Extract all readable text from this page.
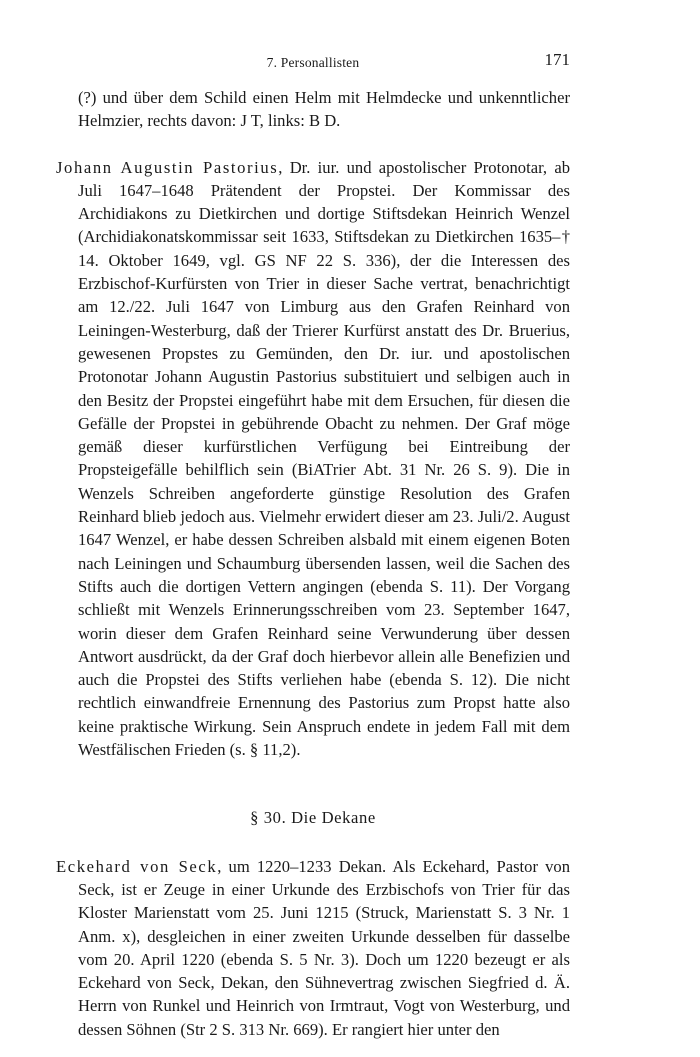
7. Personallisten	171

(?) und über dem Schild einen Helm mit Helmdecke und unkenntlicher Helmzier, rechts davon: J T, links: B D.

Johann Augustin Pastorius, Dr. iur. und apostolischer Protonotar, ab Juli 1647–1648 Prätendent der Propstei. Der Kommissar des Archidiakons zu Dietkirchen und dortige Stiftsdekan Heinrich Wenzel (Archidiakonatskommissar seit 1633, Stiftsdekan zu Dietkirchen 1635–† 14. Oktober 1649, vgl. GS NF 22 S. 336), der die Interessen des Erzbischof-Kurfürsten von Trier in dieser Sache vertrat, benachrichtigt am 12./22. Juli 1647 von Limburg aus den Grafen Reinhard von Leiningen-Westerburg, daß der Trierer Kurfürst anstatt des Dr. Bruerius, gewesenen Propstes zu Gemünden, den Dr. iur. und apostolischen Protonotar Johann Augustin Pastorius substituiert und selbigen auch in den Besitz der Propstei eingeführt habe mit dem Ersuchen, für diesen die Gefälle der Propstei in gebührende Obacht zu nehmen. Der Graf möge gemäß dieser kurfürstlichen Verfügung bei Eintreibung der Propsteigefälle behilflich sein (BiATrier Abt. 31 Nr. 26 S. 9). Die in Wenzels Schreiben angeforderte günstige Resolution des Grafen Reinhard blieb jedoch aus. Vielmehr erwidert dieser am 23. Juli/2. August 1647 Wenzel, er habe dessen Schreiben alsbald mit einem eigenen Boten nach Leiningen und Schaumburg übersenden lassen, weil die Sachen des Stifts auch die dortigen Vettern angingen (ebenda S. 11). Der Vorgang schließt mit Wenzels Erinnerungsschreiben vom 23. September 1647, worin dieser dem Grafen Reinhard seine Verwunderung über dessen Antwort ausdrückt, da der Graf doch hierbevor allein alle Benefizien und auch die Propstei des Stifts verliehen habe (ebenda S. 12). Die nicht rechtlich einwandfreie Ernennung des Pastorius zum Propst hatte also keine praktische Wirkung. Sein Anspruch endete in jedem Fall mit dem Westfälischen Frieden (s. § 11,2).

§ 30. Die Dekane

Eckehard von Seck, um 1220–1233 Dekan. Als Eckehard, Pastor von Seck, ist er Zeuge in einer Urkunde des Erzbischofs von Trier für das Kloster Marienstatt vom 25. Juni 1215 (Struck, Marienstatt S. 3 Nr. 1 Anm. x), desgleichen in einer zweiten Urkunde desselben für dasselbe vom 20. April 1220 (ebenda S. 5 Nr. 3). Doch um 1220 bezeugt er als Eckehard von Seck, Dekan, den Sühnevertrag zwischen Siegfried d. Ä. Herrn von Runkel und Heinrich von Irmtraut, Vogt von Westerburg, und dessen Söhnen (Str 2 S. 313 Nr. 669). Er rangiert hier unter den
